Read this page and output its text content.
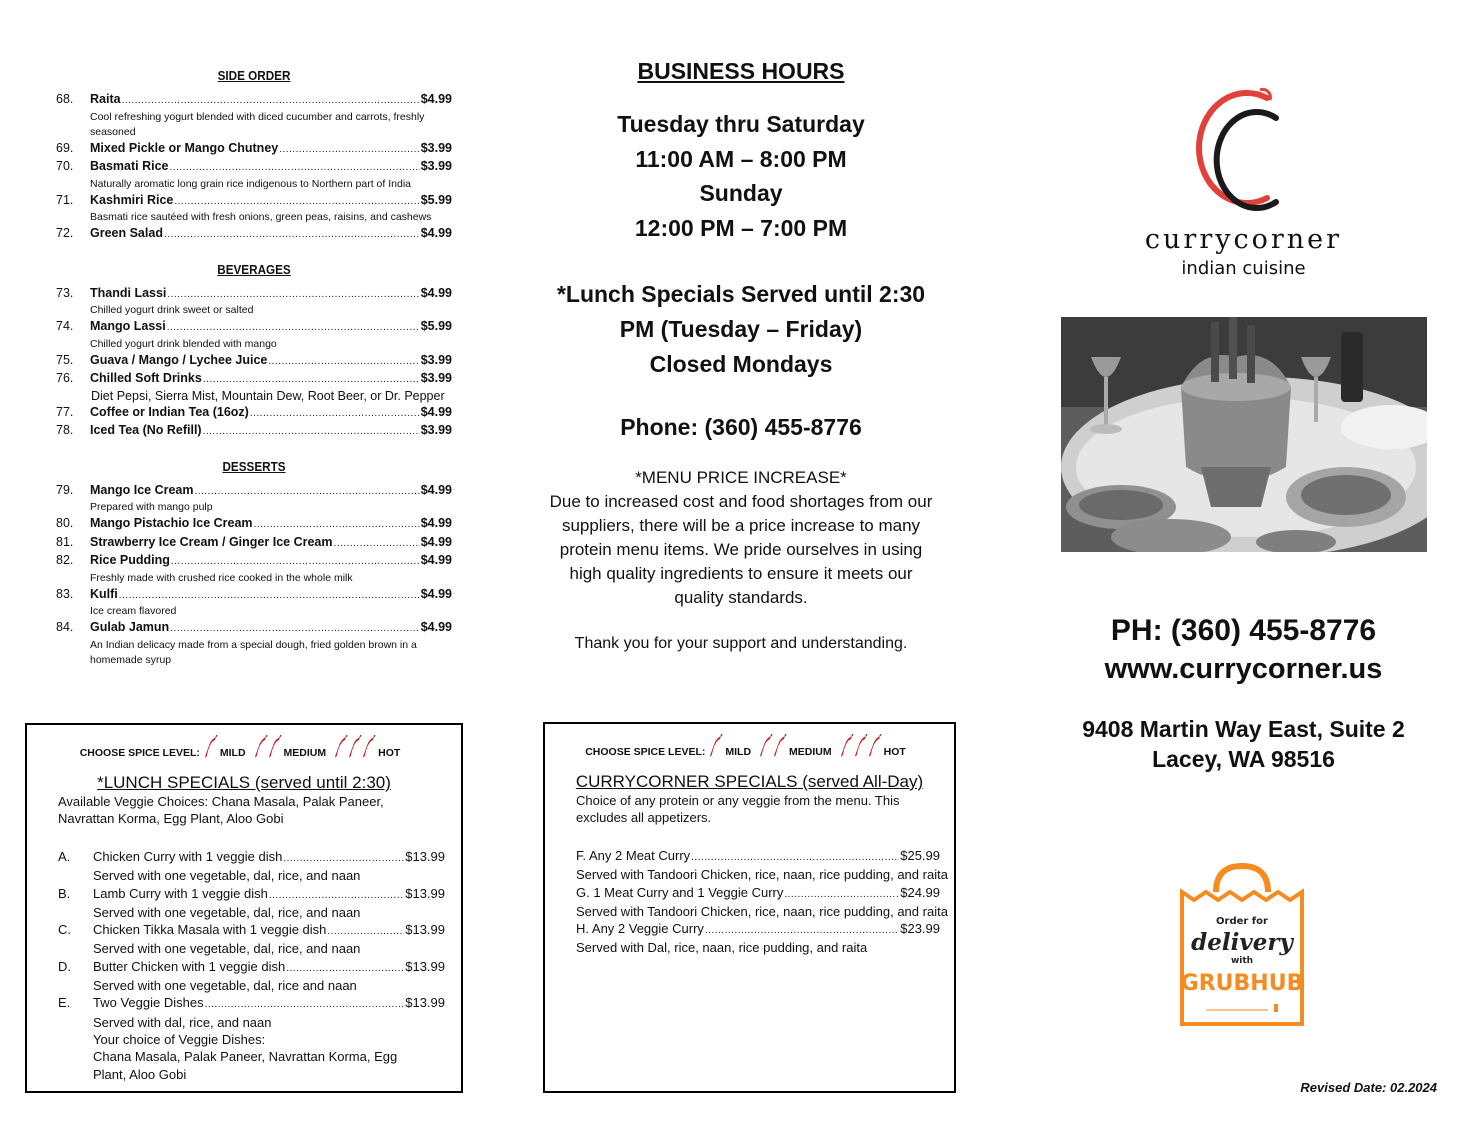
SIDE ORDER
68.	Raita .....	$4.99
Cool refreshing yogurt blended with diced cucumber and carrots, freshly seasoned
69.	Mixed Pickle or Mango Chutney .....	$3.99
70.	Basmati Rice .....	$3.99
Naturally aromatic long grain rice indigenous to Northern part of India
71.	Kashmiri Rice .....	$5.99
Basmati rice sautéed with fresh onions, green peas, raisins, and cashews
72.	Green Salad .....	$4.99
BEVERAGES
73.	Thandi Lassi .....	$4.99
Chilled yogurt drink sweet or salted
74.	Mango Lassi .....	$5.99
Chilled yogurt drink blended with mango
75.	Guava / Mango / Lychee Juice .....	$3.99
76.	Chilled Soft Drinks .....	$3.99
Diet Pepsi, Sierra Mist, Mountain Dew, Root Beer, or Dr. Pepper
77.	Coffee or Indian Tea (16oz) .....	$4.99
78.	Iced Tea (No Refill) .....	$3.99
DESSERTS
79.	Mango Ice Cream .....	$4.99
Prepared with mango pulp
80.	Mango Pistachio Ice Cream .....	$4.99
81.	Strawberry Ice Cream / Ginger Ice Cream .....	$4.99
82.	Rice Pudding .....	$4.99
Freshly made with crushed rice cooked in the whole milk
83.	Kulfi .....	$4.99
Ice cream flavored
84.	Gulab Jamun .....	$4.99
An Indian delicacy made from a special dough, fried golden brown in a homemade syrup
BUSINESS HOURS

Tuesday thru Saturday

11:00 AM – 8:00 PM

Sunday

12:00 PM – 7:00 PM

*Lunch Specials Served until 2:30

PM (Tuesday – Friday)

Closed Mondays

Phone: (360) 455-8776
*MENU PRICE INCREASE*
Due to increased cost and food shortages from our suppliers, there will be a price increase to many protein menu items. We pride ourselves in using high quality ingredients to ensure it meets our quality standards.
Thank you for your support and understanding.
currycorner
indian cuisine
PH: (360) 455-8776
www.currycorner.us
9408 Martin Way East, Suite 2
Lacey, WA 98516
Order for
delivery
with
GRUBHUB
Revised Date: 02.2024
CHOOSE SPICE LEVEL: MILD	MEDIUM	HOT
*LUNCH SPECIALS (served until 2:30)
Available Veggie Choices: Chana Masala, Palak Paneer, Navrattan Korma, Egg Plant, Aloo Gobi
A.	Chicken Curry with 1 veggie dish .....	$13.99
Served with one vegetable, dal, rice, and naan
B.	Lamb Curry with 1 veggie dish .....	$13.99
Served with one vegetable, dal, rice, and naan
C.	Chicken Tikka Masala with 1 veggie dish .....	$13.99
Served with one vegetable, dal, rice, and naan
D.	Butter Chicken with 1 veggie dish .....	$13.99
Served with one vegetable, dal, rice and naan
E.	Two Veggie Dishes .....	$13.99
Served with dal, rice, and naan
Your choice of Veggie Dishes:
Chana Masala, Palak Paneer, Navrattan Korma, Egg Plant, Aloo Gobi
CHOOSE SPICE LEVEL: MILD	MEDIUM	HOT
CURRYCORNER SPECIALS (served All-Day)
Choice of any protein or any veggie from the menu. This excludes all appetizers.
F. Any 2 Meat Curry .....	$25.99
Served with Tandoori Chicken, rice, naan, rice pudding, and raita
G. 1 Meat Curry and 1 Veggie Curry .....	$24.99
Served with Tandoori Chicken, rice, naan, rice pudding, and raita
H. Any 2 Veggie Curry .....	$23.99
Served with Dal, rice, naan, rice pudding, and raita
